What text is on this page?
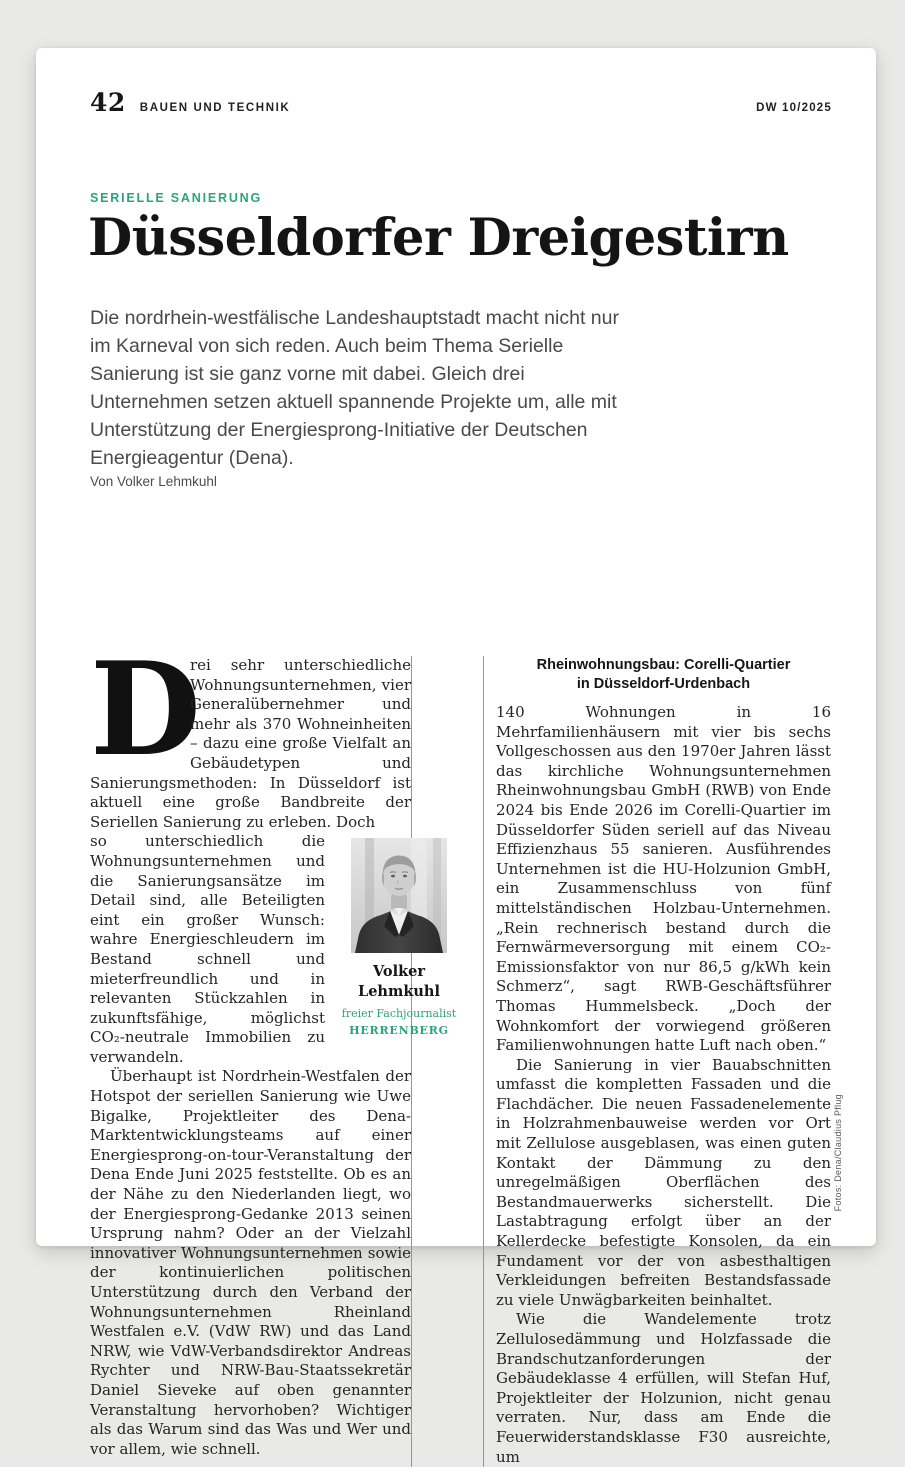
42 BAUEN UND TECHNIK	DW 10/2025
SERIELLE SANIERUNG
Düsseldorfer Dreigestirn

Die nordrhein-westfälische Landeshauptstadt macht nicht nur im Karneval von sich reden. Auch beim Thema Serielle Sanierung ist sie ganz vorne mit dabei. Gleich drei Unternehmen setzen aktuell spannende Projekte um, alle mit Unterstützung der Energiesprong-Initiative der Deutschen Energieagentur (Dena).

Von Volker Lehmkuhl

D
rei sehr unterschiedliche Wohnungsunternehmen, vier Generalübernehmer und mehr als 370 Wohneinheiten – dazu eine große Vielfalt an Gebäudetypen und Sanierungsmethoden: In Düsseldorf ist aktuell eine große Bandbreite der Seriellen Sanierung zu erleben. Doch

Volker Lehmkuhl
freier Fachjournalist
HERRENBERG

so unterschiedlich die Wohnungsunternehmen und die Sanierungsansätze im Detail sind, alle Beteiligten eint ein großer Wunsch: wahre Energieschleudern im Bestand schnell und mieterfreundlich und in relevanten Stückzahlen in zukunftsfähige, möglichst CO₂-neutrale Immobilien zu verwandeln.

Überhaupt ist Nordrhein-Westfalen der Hotspot der seriellen Sanierung wie Uwe Bigalke, Projektleiter des Dena-Marktentwicklungsteams auf einer Energiesprong-on-tour-Veranstaltung der Dena Ende Juni 2025 feststellte. Ob es an der Nähe zu den Niederlanden liegt, wo der Energiesprong-Gedanke 2013 seinen Ursprung nahm? Oder an der Vielzahl innovativer Wohnungsunternehmen sowie der kontinuierlichen politischen Unterstützung durch den Verband der Wohnungsunternehmen Rheinland Westfalen e.V. (VdW RW) und das Land NRW, wie VdW-Verbandsdirektor Andreas Rychter und NRW-Bau-Staatssekretär Daniel Sieveke auf oben genannter Veranstaltung hervorhoben? Wichtiger als das Warum sind das Was und Wer und vor allem, wie schnell.

Rheinwohnungsbau: Corelli-Quartier
in Düsseldorf-Urdenbach

140 Wohnungen in 16 Mehrfamilienhäusern mit vier bis sechs Vollgeschossen aus den 1970er Jahren lässt das kirchliche Wohnungsunternehmen Rheinwohnungsbau GmbH (RWB) von Ende 2024 bis Ende 2026 im Corelli-Quartier im Düsseldorfer Süden seriell auf das Niveau Effizienzhaus 55 sanieren. Ausführendes Unternehmen ist die HU-Holzunion GmbH, ein Zusammenschluss von fünf mittelständischen Holzbau-Unternehmen. „Rein rechnerisch bestand durch die Fernwärmeversorgung mit einem CO₂-Emissionsfaktor von nur 86,5 g/kWh kein Schmerz“, sagt RWB-Geschäftsführer Thomas Hummelsbeck. „Doch der Wohnkomfort der vorwiegend größeren Familienwohnungen hatte Luft nach oben.“

Die Sanierung in vier Bauabschnitten umfasst die kompletten Fassaden und die Flachdächer. Die neuen Fassadenelemente in Holzrahmenbauweise werden vor Ort mit Zellulose ausgeblasen, was einen guten Kontakt der Dämmung zu den unregelmäßigen Oberflächen des Bestandmauerwerks sicherstellt. Die Lastabtragung erfolgt über an der Kellerdecke befestigte Konsolen, da ein Fundament vor der von asbesthaltigen Verkleidungen befreiten Bestandsfassade zu viele Unwägbarkeiten beinhaltet.

Wie die Wandelemente trotz Zellulosedämmung und Holzfassade die Brandschutzanforderungen der Gebäudeklasse 4 erfüllen, will Stefan Huf, Projektleiter der Holzunion, nicht genau verraten. Nur, dass am Ende die Feuerwiderstandsklasse F30 ausreichte, um

Fotos: Dena/Claudius Pflug
